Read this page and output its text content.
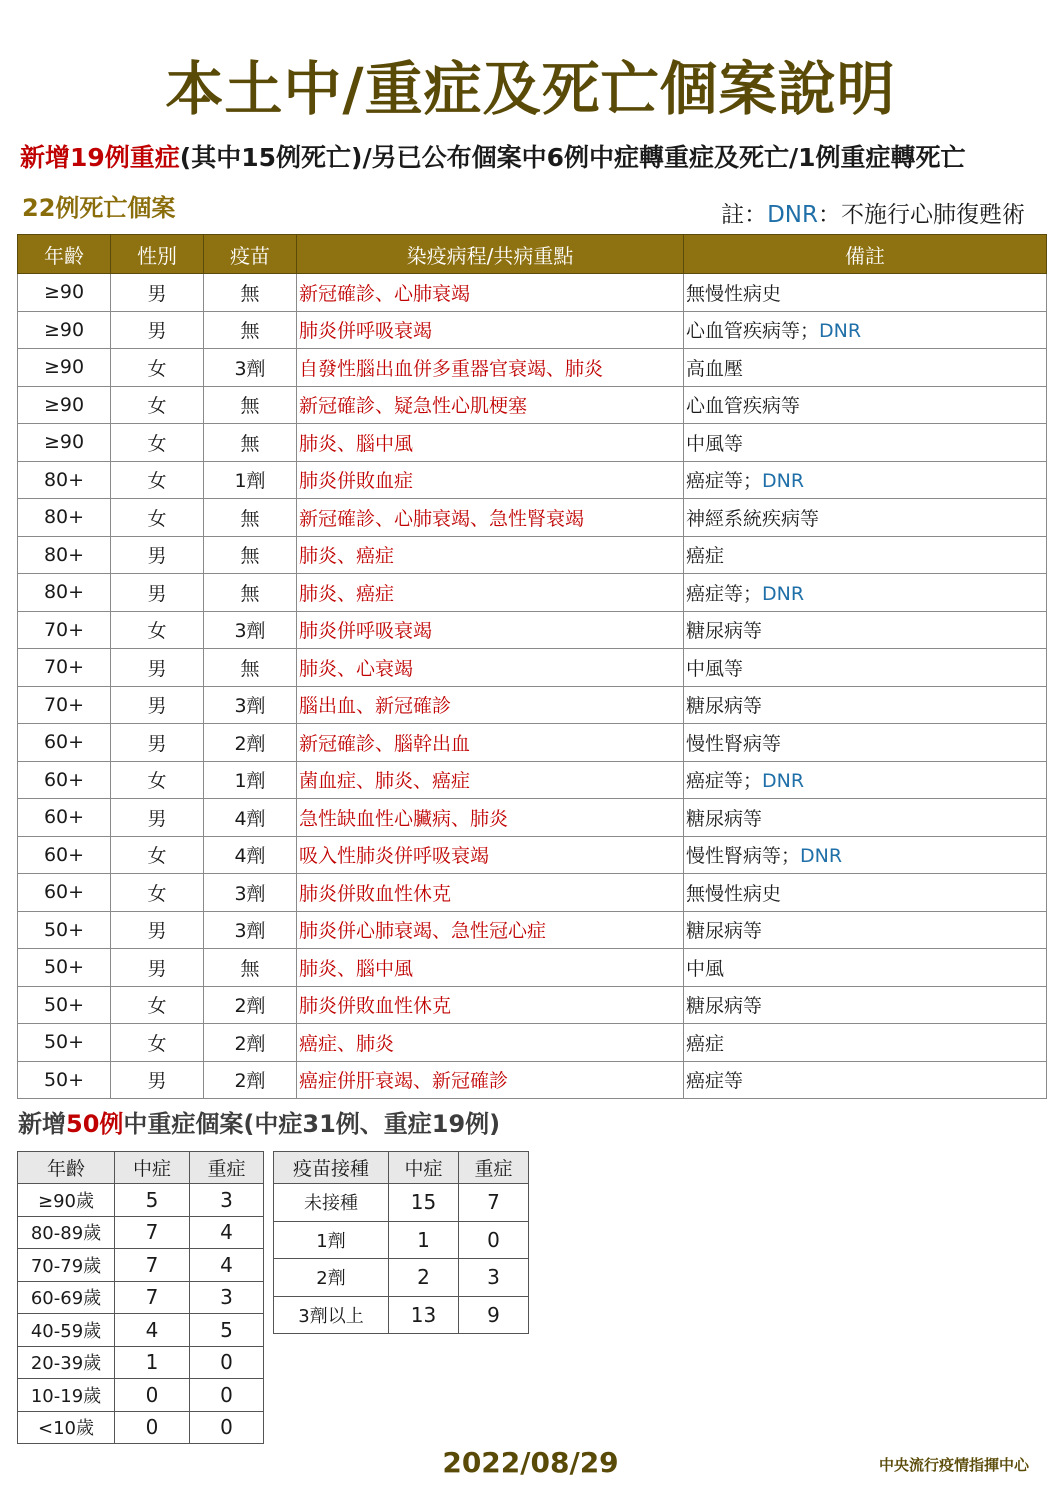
本土中/重症及死亡個案說明
新增19例重症(其中15例死亡)/另已公布個案中6例中症轉重症及死亡/1例重症轉死亡
22例死亡個案	註：DNR：不施行心肺復甦術
年齡	性別	疫苗	染疫病程/共病重點	備註
≥90	男	無	新冠確診、心肺衰竭	無慢性病史
≥90	男	無	肺炎併呼吸衰竭	心血管疾病等；DNR
≥90	女	3劑	自發性腦出血併多重器官衰竭、肺炎	高血壓
≥90	女	無	新冠確診、疑急性心肌梗塞	心血管疾病等
≥90	女	無	肺炎、腦中風	中風等
80+	女	1劑	肺炎併敗血症	癌症等；DNR
80+	女	無	新冠確診、心肺衰竭、急性腎衰竭	神經系統疾病等
80+	男	無	肺炎、癌症	癌症
80+	男	無	肺炎、癌症	癌症等；DNR
70+	女	3劑	肺炎併呼吸衰竭	糖尿病等
70+	男	無	肺炎、心衰竭	中風等
70+	男	3劑	腦出血、新冠確診	糖尿病等
60+	男	2劑	新冠確診、腦幹出血	慢性腎病等
60+	女	1劑	菌血症、肺炎、癌症	癌症等；DNR
60+	男	4劑	急性缺血性心臟病、肺炎	糖尿病等
60+	女	4劑	吸入性肺炎併呼吸衰竭	慢性腎病等；DNR
60+	女	3劑	肺炎併敗血性休克	無慢性病史
50+	男	3劑	肺炎併心肺衰竭、急性冠心症	糖尿病等
50+	男	無	肺炎、腦中風	中風
50+	女	2劑	肺炎併敗血性休克	糖尿病等
50+	女	2劑	癌症、肺炎	癌症
50+	男	2劑	癌症併肝衰竭、新冠確診	癌症等
新增50例中重症個案(中症31例、重症19例)
年齡	中症	重症
≥90歲	5	3
80-89歲	7	4
70-79歲	7	4
60-69歲	7	3
40-59歲	4	5
20-39歲	1	0
10-19歲	0	0
<10歲	0	0
疫苗接種	中症	重症
未接種	15	7
1劑	1	0
2劑	2	3
3劑以上	13	9
2022/08/29	中央流行疫情指揮中心
